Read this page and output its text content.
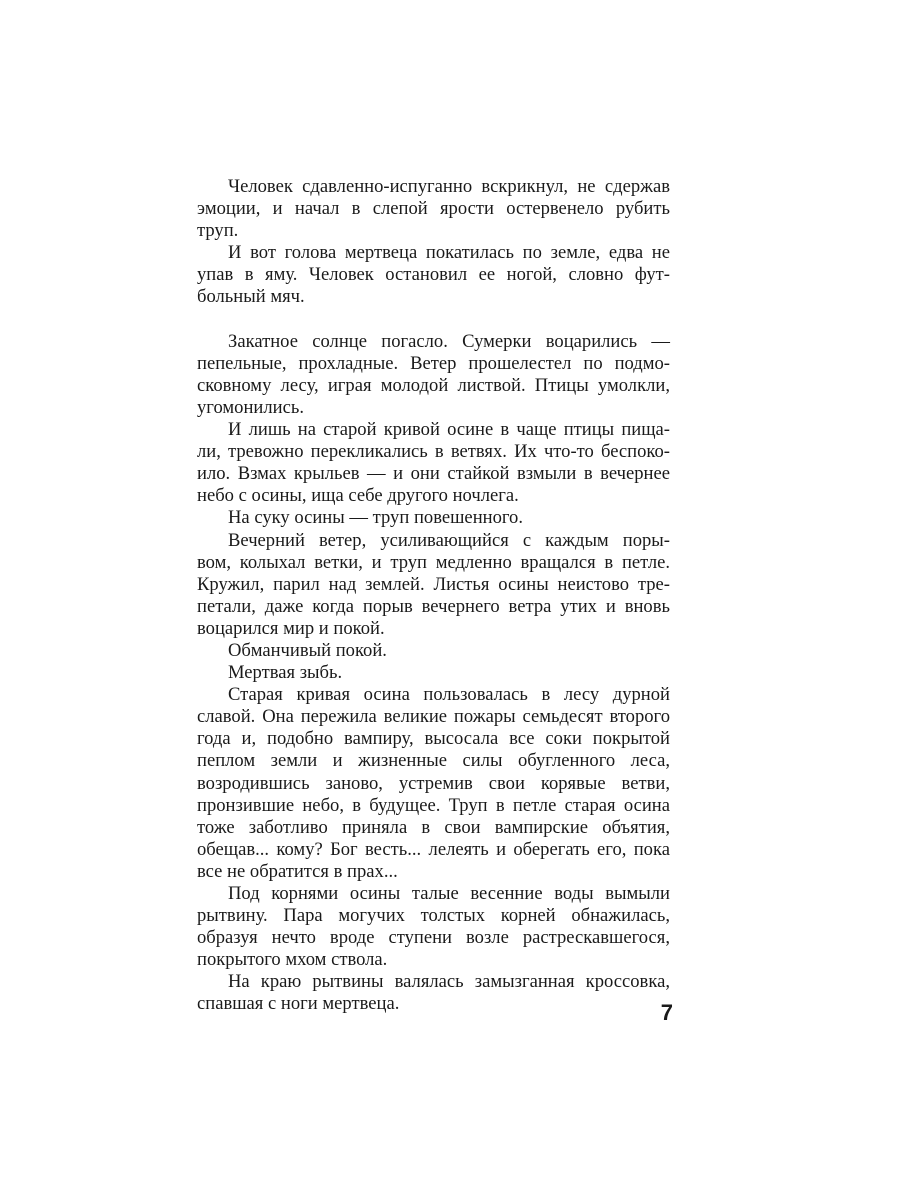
Человек сдавленно-испуганно вскрикнул, не сдержав
эмоции, и начал в слепой ярости остервенело рубить
труп.
И вот голова мертвеца покатилась по земле, едва не
упав в яму. Человек остановил ее ногой, словно фут-
больный мяч.
Закатное солнце погасло. Сумерки воцарились —
пепельные, прохладные. Ветер прошелестел по подмо-
сковному лесу, играя молодой листвой. Птицы умолкли,
угомонились.
И лишь на старой кривой осине в чаще птицы пища-
ли, тревожно перекликались в ветвях. Их что-то беспоко-
ило. Взмах крыльев — и они стайкой взмыли в вечернее
небо с осины, ища себе другого ночлега.
На суку осины — труп повешенного.
Вечерний ветер, усиливающийся с каждым поры-
вом, колыхал ветки, и труп медленно вращался в петле.
Кружил, парил над землей. Листья осины неистово тре-
петали, даже когда порыв вечернего ветра утих и вновь
воцарился мир и покой.
Обманчивый покой.
Мертвая зыбь.
Старая кривая осина пользовалась в лесу дурной
славой. Она пережила великие пожары семьдесят второго
года и, подобно вампиру, высосала все соки покрытой
пеплом земли и жизненные силы обугленного леса,
возродившись заново, устремив свои корявые ветви,
пронзившие небо, в будущее. Труп в петле старая осина
тоже заботливо приняла в свои вампирские объятия,
обещав... кому? Бог весть... лелеять и оберегать его, пока
все не обратится в прах...
Под корнями осины талые весенние воды вымыли
рытвину. Пара могучих толстых корней обнажилась,
образуя нечто вроде ступени возле растрескавшегося,
покрытого мхом ствола.
На краю рытвины валялась замызганная кроссовка,
спавшая с ноги мертвеца.	7
